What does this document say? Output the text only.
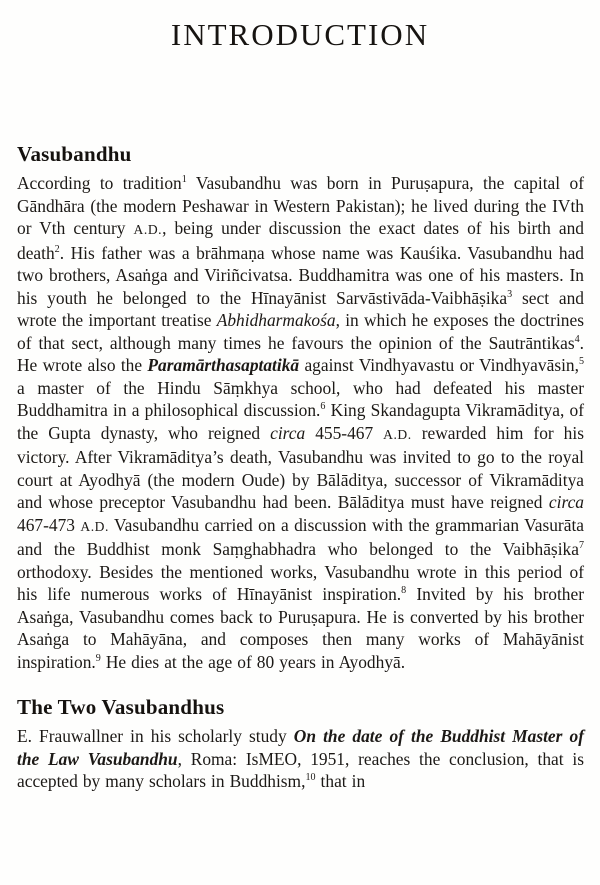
INTRODUCTION
Vasubandhu

According to tradition$^1$ Vasubandhu was born in Puruṣapura, the capital of Gāndhāra (the modern Peshawar in Western Pakistan); he lived during the IVth or Vth century A.D., being under discussion the exact dates of his birth and death$^2$. His father was a brāhmaṇa whose name was Kauśika. Vasubandhu had two brothers, Asaṅga and Viriñcivatsa. Buddhamitra was one of his masters. In his youth he belonged to the Hīnayānist Sarvāstivāda-Vaibhāṣika$^3$ sect and wrote the important treatise Abhidharmakośa, in which he exposes the doctrines of that sect, although many times he favours the opinion of the Sautrāntikas$^4$. He wrote also the Paramārthasaptatikā against Vindhyavastu or Vindhyavāsin,$^5$ a master of the Hindu Sāṃkhya school, who had defeated his master Buddhamitra in a philosophical discussion.$^6$ King Skandagupta Vikramāditya, of the Gupta dynasty, who reigned circa 455-467 A.D. rewarded him for his victory. After Vikramāditya’s death, Vasubandhu was invited to go to the royal court at Ayodhyā (the modern Oude) by Bālāditya, successor of Vikramāditya and whose preceptor Vasubandhu had been. Bālāditya must have reigned circa 467-473 A.D. Vasubandhu carried on a discussion with the grammarian Vasurāta and the Buddhist monk Saṃghabhadra who belonged to the Vaibhāṣika$^7$ orthodoxy. Besides the mentioned works, Vasubandhu wrote in this period of his life numerous works of Hīnayānist inspiration.$^8$ Invited by his brother Asaṅga, Vasubandhu comes back to Puruṣapura. He is converted by his brother Asaṅga to Mahāyāna, and composes then many works of Mahāyānist inspiration.$^9$ He dies at the age of 80 years in Ayodhyā.

The Two Vasubandhus

E. Frauwallner in his scholarly study On the date of the Buddhist Master of the Law Vasubandhu, Roma: IsMEO, 1951, reaches the conclusion, that is accepted by many scholars in Buddhism,$^{10}$ that in
